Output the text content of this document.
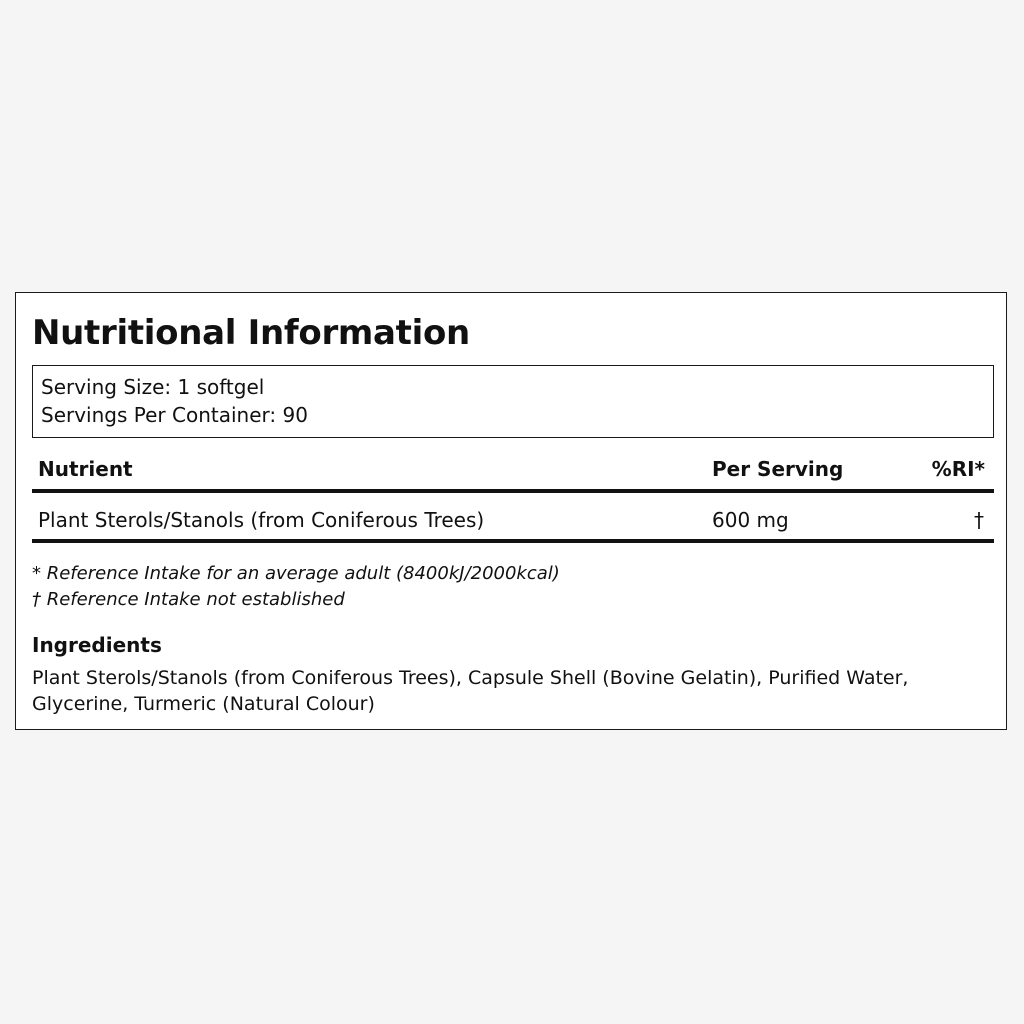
Nutritional Information
Serving Size: 1 softgel
Servings Per Container: 90
Nutrient	Per Serving	%RI*
Plant Sterols/Stanols (from Coniferous Trees)	600 mg	†
* Reference Intake for an average adult (8400kJ/2000kcal)
† Reference Intake not established
Ingredients
Plant Sterols/Stanols (from Coniferous Trees), Capsule Shell (Bovine Gelatin), Purified Water, Glycerine, Turmeric (Natural Colour)
